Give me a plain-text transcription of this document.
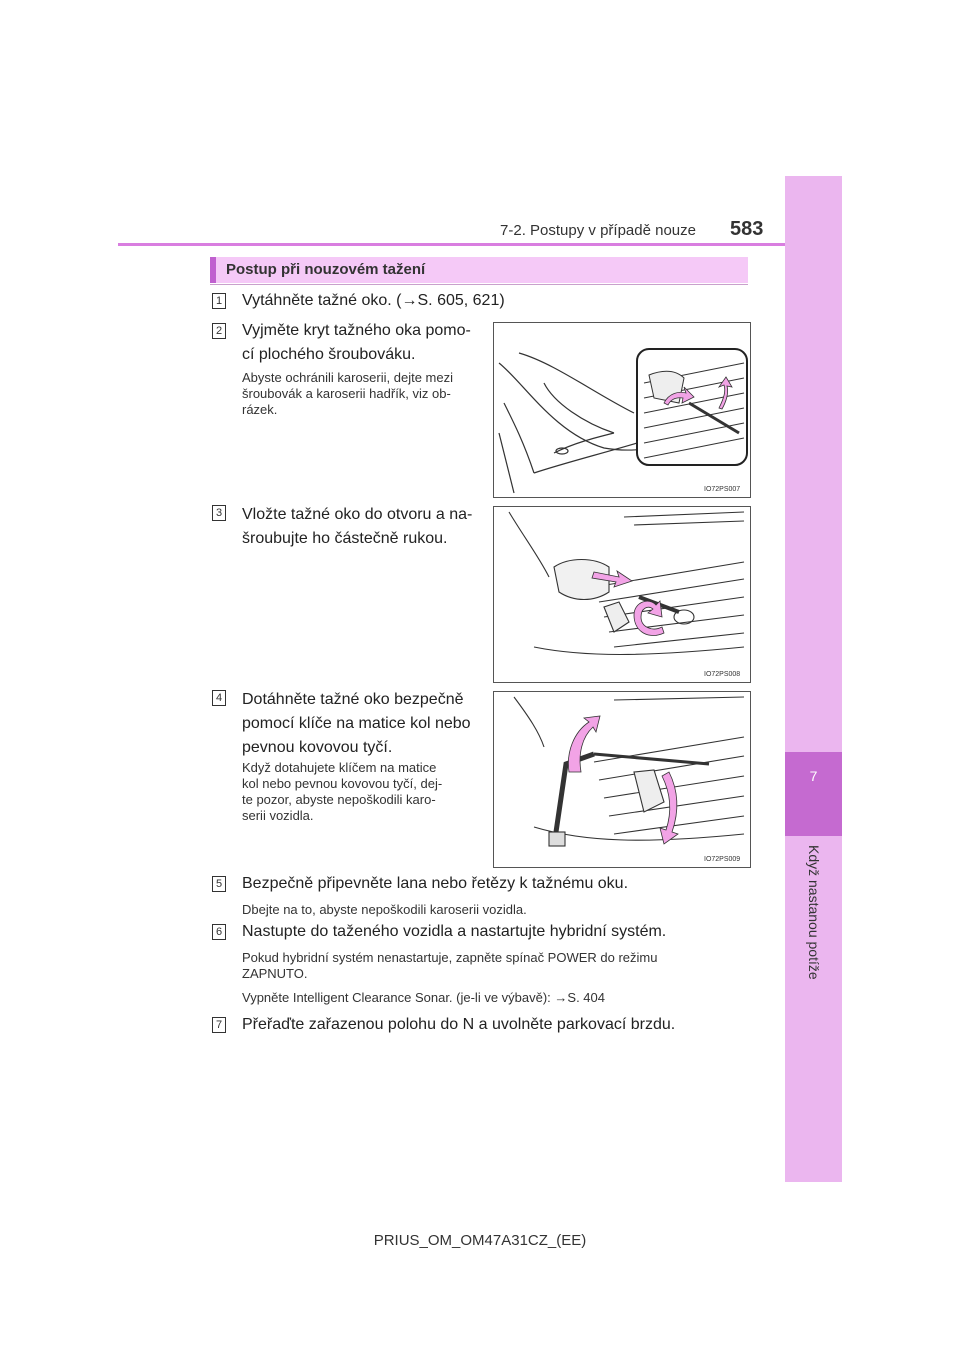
7
Když nastanou potíže
7-2. Postupy v případě nouze 583
Postup při nouzovém tažení
1 Vytáhněte tažné oko. (→S. 605, 621)
2 Vyjměte kryt tažného oka pomo-
cí plochého šroubováku.
Abyste ochránili karoserii, dejte mezi
šroubovák a karoserii hadřík, viz ob-
rázek.
IO72PS007
3 Vložte tažné oko do otvoru a na-
šroubujte ho částečně rukou.
IO72PS008
4 Dotáhněte tažné oko bezpečně
pomocí klíče na matice kol nebo
pevnou kovovou tyčí.
Když dotahujete klíčem na matice
kol nebo pevnou kovovou tyčí, dej-
te pozor, abyste nepoškodili karo-
serii vozidla.
IO72PS009
5 Bezpečně připevněte lana nebo řetězy k tažnému oku.
Dbejte na to, abyste nepoškodili karoserii vozidla.
6 Nastupte do taženého vozidla a nastartujte hybridní systém.
Pokud hybridní systém nenastartuje, zapněte spínač POWER do režimu
ZAPNUTO.
Vypněte Intelligent Clearance Sonar. (je-li ve výbavě): →S. 404
7 Přeřaďte zařazenou polohu do N a uvolněte parkovací brzdu.
PRIUS_OM_OM47A31CZ_(EE)
